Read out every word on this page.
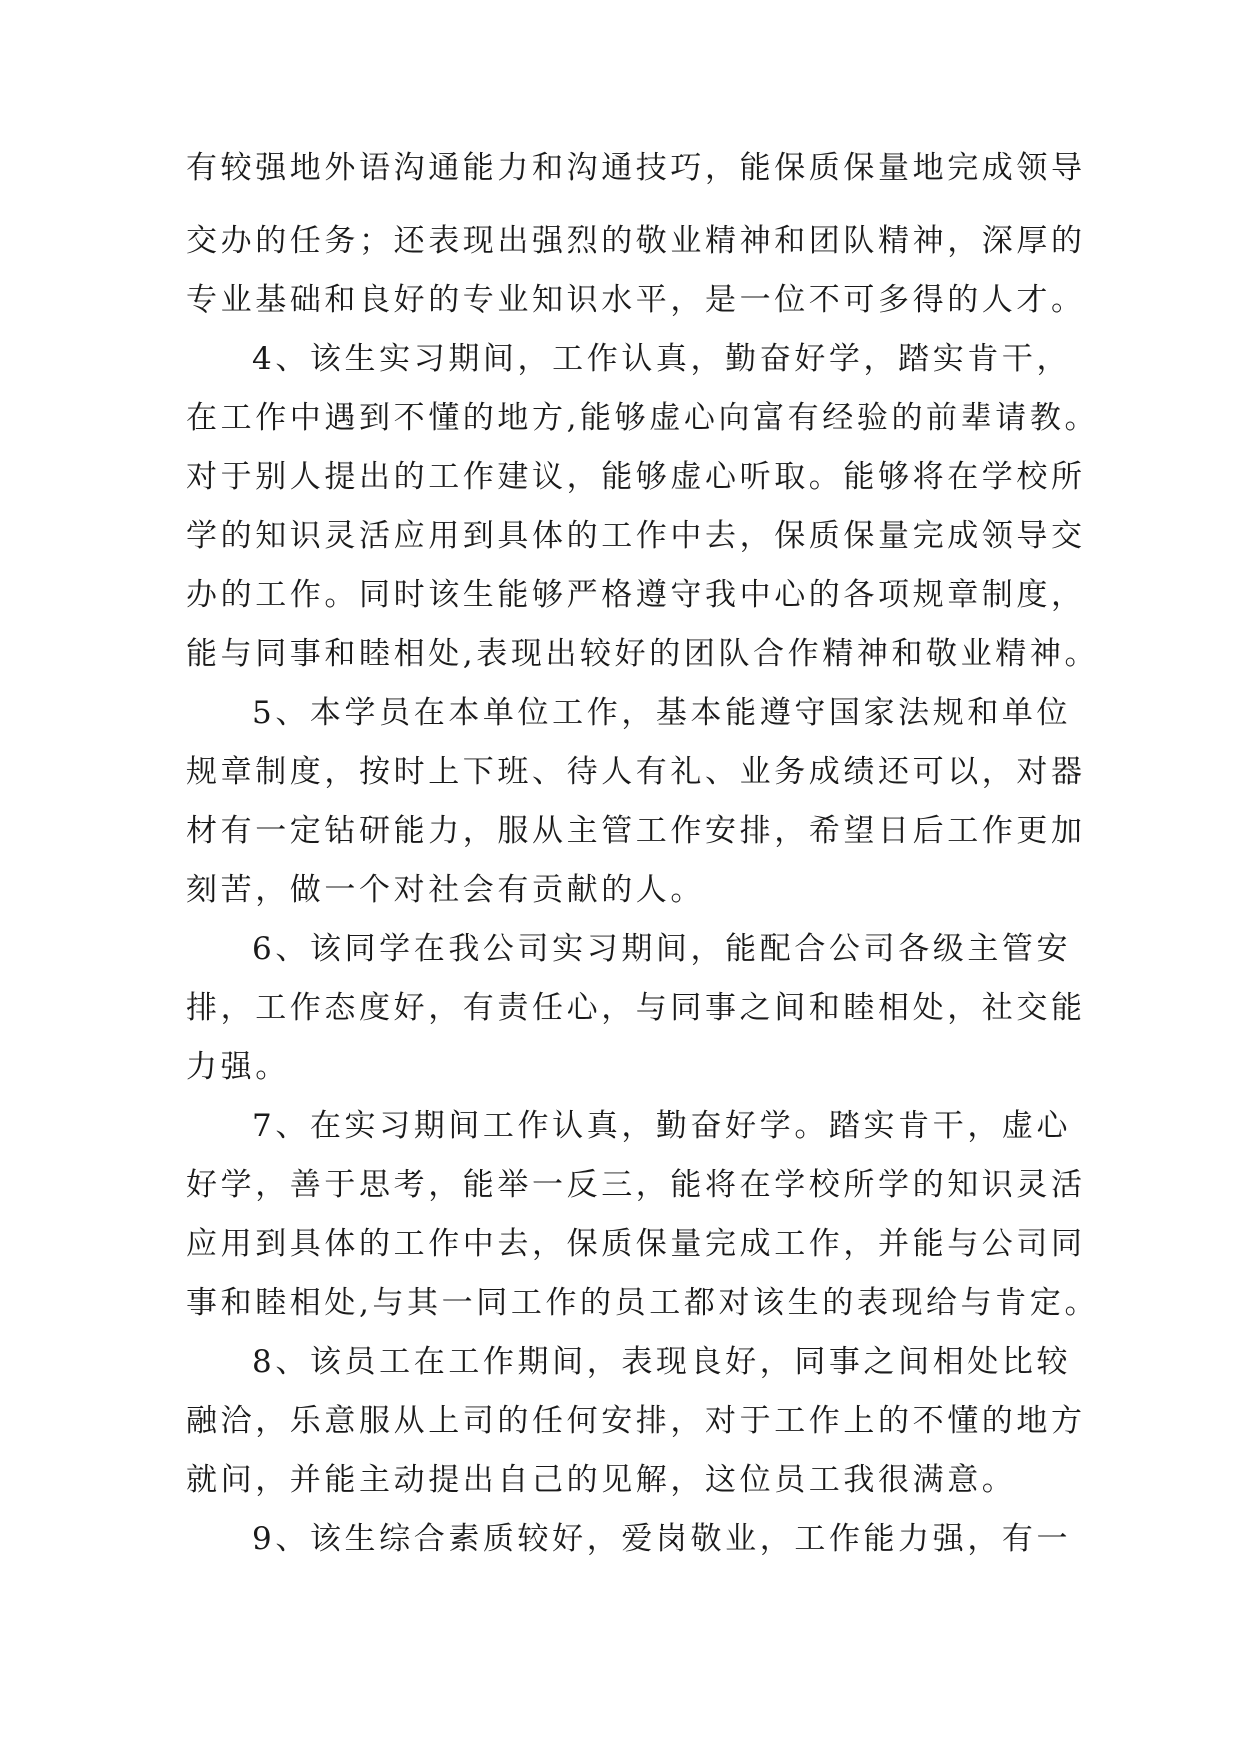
有较强地外语沟通能力和沟通技巧，能保质保量地完成领导
交办的任务；还表现出强烈的敬业精神和团队精神，深厚的
专业基础和良好的专业知识水平，是一位不可多得的人才。
4、该生实习期间，工作认真，勤奋好学，踏实肯干，
在工作中遇到不懂的地方,能够虚心向富有经验的前辈请教。
对于别人提出的工作建议，能够虚心听取。能够将在学校所
学的知识灵活应用到具体的工作中去，保质保量完成领导交
办的工作。同时该生能够严格遵守我中心的各项规章制度，
能与同事和睦相处,表现出较好的团队合作精神和敬业精神。
5、本学员在本单位工作，基本能遵守国家法规和单位
规章制度，按时上下班、待人有礼、业务成绩还可以，对器
材有一定钻研能力，服从主管工作安排，希望日后工作更加
刻苦，做一个对社会有贡献的人。
6、该同学在我公司实习期间，能配合公司各级主管安
排，工作态度好，有责任心，与同事之间和睦相处，社交能
力强。
7、在实习期间工作认真，勤奋好学。踏实肯干，虚心
好学，善于思考，能举一反三，能将在学校所学的知识灵活
应用到具体的工作中去，保质保量完成工作，并能与公司同
事和睦相处,与其一同工作的员工都对该生的表现给与肯定。
8、该员工在工作期间，表现良好，同事之间相处比较
融洽，乐意服从上司的任何安排，对于工作上的不懂的地方
就问，并能主动提出自己的见解，这位员工我很满意。
9、该生综合素质较好，爱岗敬业，工作能力强，有一
